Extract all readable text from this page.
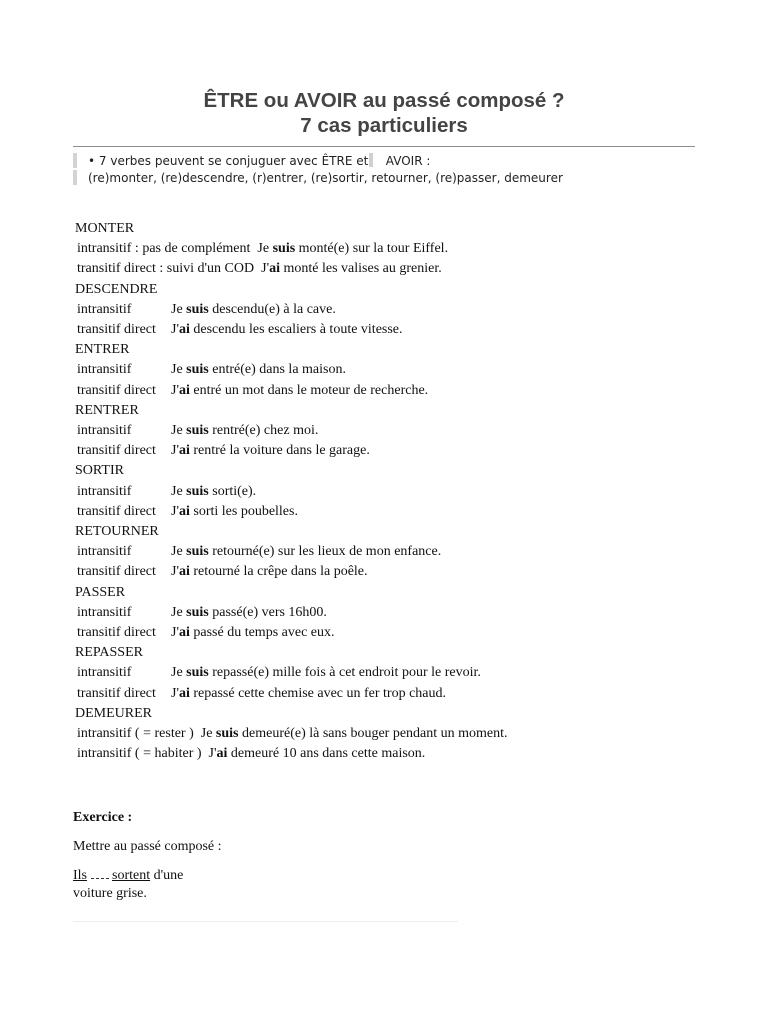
ÊTRE ou AVOIR au passé composé ?
7 cas particuliers
• 7 verbes peuvent se conjuguer avec ÊTRE et AVOIR :
(re)monter, (re)descendre, (r)entrer, (re)sortir, retourner, (re)passer, demeurer
MONTER
intransitif : pas de complément Je suis monté(e) sur la tour Eiffel.
transitif direct : suivi d'un COD J'ai monté les valises au grenier.
DESCENDRE
intransitif	Je suis descendu(e) à la cave.
transitif direct J'ai descendu les escaliers à toute vitesse.
ENTRER
intransitif	Je suis entré(e) dans la maison.
transitif direct J'ai entré un mot dans le moteur de recherche.
RENTRER
intransitif	Je suis rentré(e) chez moi.
transitif direct J'ai rentré la voiture dans le garage.
SORTIR
intransitif	Je suis sorti(e).
transitif direct J'ai sorti les poubelles.
RETOURNER
intransitif	Je suis retourné(e) sur les lieux de mon enfance.
transitif direct J'ai retourné la crêpe dans la poêle.
PASSER
intransitif	Je suis passé(e) vers 16h00.
transitif direct J'ai passé du temps avec eux.
REPASSER
intransitif	Je suis repassé(e) mille fois à cet endroit pour le revoir.
transitif direct J'ai repassé cette chemise avec un fer trop chaud.
DEMEURER
intransitif ( = rester ) Je suis demeuré(e) là sans bouger pendant un moment.
intransitif ( = habiter ) J'ai demeuré 10 ans dans cette maison.
Exercice :
Mettre au passé composé :
Ils sortent d'une
voiture grise.
